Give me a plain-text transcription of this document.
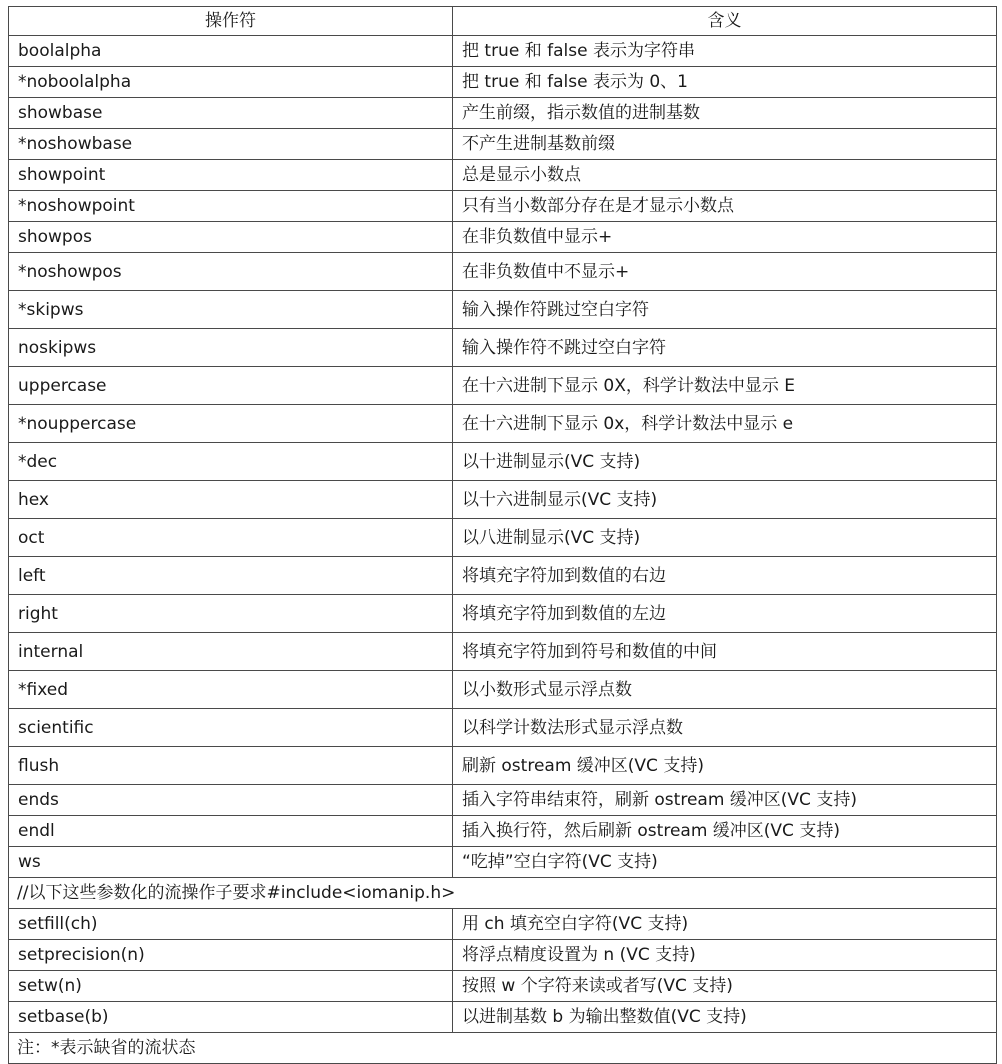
操作符	含义
boolalpha	把 true 和 false 表示为字符串
*noboolalpha	把 true 和 false 表示为 0、1
showbase	产生前缀，指示数值的进制基数
*noshowbase	不产生进制基数前缀
showpoint	总是显示小数点
*noshowpoint	只有当小数部分存在是才显示小数点
showpos	在非负数值中显示+
*noshowpos	在非负数值中不显示+
*skipws	输入操作符跳过空白字符
noskipws	输入操作符不跳过空白字符
uppercase	在十六进制下显示 0X，科学计数法中显示 E
*nouppercase	在十六进制下显示 0x，科学计数法中显示 e
*dec	以十进制显示(VC 支持)
hex	以十六进制显示(VC 支持)
oct	以八进制显示(VC 支持)
left	将填充字符加到数值的右边
right	将填充字符加到数值的左边
internal	将填充字符加到符号和数值的中间
*fixed	以小数形式显示浮点数
scientific	以科学计数法形式显示浮点数
flush	刷新 ostream 缓冲区(VC 支持)
ends	插入字符串结束符，刷新 ostream 缓冲区(VC 支持)
endl	插入换行符，然后刷新 ostream 缓冲区(VC 支持)
ws	“吃掉”空白字符(VC 支持)
//以下这些参数化的流操作子要求#include<iomanip.h>	
setfill(ch)	用 ch 填充空白字符(VC 支持)
setprecision(n)	将浮点精度设置为 n (VC 支持)
setw(n)	按照 w 个字符来读或者写(VC 支持)
setbase(b)	以进制基数 b 为输出整数值(VC 支持)
注：*表示缺省的流状态	
